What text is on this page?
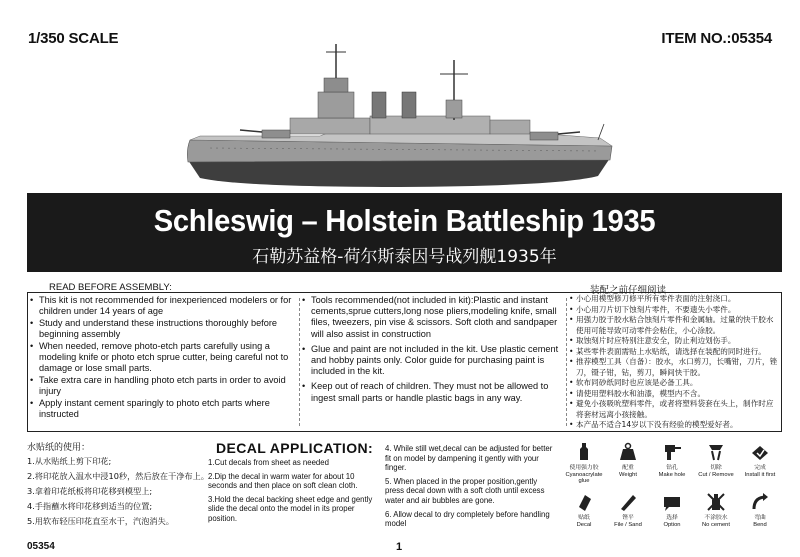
1/350 SCALE	ITEM NO.:05354
Schleswig – Holstein Battleship 1935
石勒苏益格-荷尔斯泰因号战列舰1935年
READ BEFORE ASSEMBLY:	装配之前仔细阅读
• This kit is not recommended for inexperienced modelers or for children under 14 years of age
• Study and understand these instructions thoroughly before beginning assembly
• When needed, remove photo-etch parts carefully using a modeling knife or photo etch sprue cutter, being careful not to damage or lose small parts.
• Take extra care in handling photo etch parts in order to avoid injury
• Apply instant cement sparingly to photo etch parts where instructed
• Tools recommended(not included in kit):Plastic and instant cements,sprue cutters,long nose pliers,modeling knife, small files, tweezers, pin vise & scissors. Soft cloth and sandpaper will also assist in construction
• Glue and paint are not included in the kit. Use plastic cement and hobby paints only. Color guide for purchasing paint is included in the kit.
• Keep out of reach of children. They must not be allowed to ingest small parts or handle plastic bags in any way.
• 小心用模型修刀修平所有零件表面的注射浇口。
• 小心用刀片切下蚀刻片零件，不要遗失小零件。
• 用强力胶于胶水粘合蚀刻片零件和金属轴。过量的快干胶水使用可能导致可动零件会粘住，小心涂胶。
• 取蚀刻片时应特别注意安全，防止利边划伤手。
• 某些零件表面需贴上水贴纸，请选择在装配的同时进行。
• 推荐模型工具（自备）：胶水，水口剪刀，长嘴钳，刀片，锉刀，镊子钳，钻，剪刀，瞬间快干胶。
• 软布同砂纸同时也应该是必备工具。
• 请使用塑料胶水和油漆，模型内不含。
• 避免小孩吸吮塑料零件，或者将塑料袋套在头上，制作时应将套材远离小孩接触。
• 本产品不适合14岁以下没有经验的模型爱好者。
水贴纸的使用：
1.从水贴纸上剪下印花;
2.将印花放入温水中浸10秒，然后放在干净布上。
3.拿着印花纸板将印花移到模型上;
4.手指蘸水将印花移到适当的位置;
5.用软布轻压印花直至水干，汽泡消失。
DECAL APPLICATION:
1.Cut decals from sheet as needed
2.Dip the decal in warm water for about 10 seconds and then place on soft clean cloth.
3.Hold the decal backing sheet edge and gently slide the decal onto the model in its proper position.
4. While still wet,decal can be adjusted for better fit on model by dampening it gently with your finger.
5. When placed in the proper position,gently press decal down with a soft cloth until excess water and air bubbles are gone.
6. Allow decal to dry completely before handling model
使用强力胶
Cyanoacrylate glue
配重
Weight
钻孔
Make hole
切除
Cut / Remove
完成
Install it first
贴纸
Decal
锉平
File / Sand
选择
Option
不涂胶水
No cement
弯曲
Bend
05354	1
